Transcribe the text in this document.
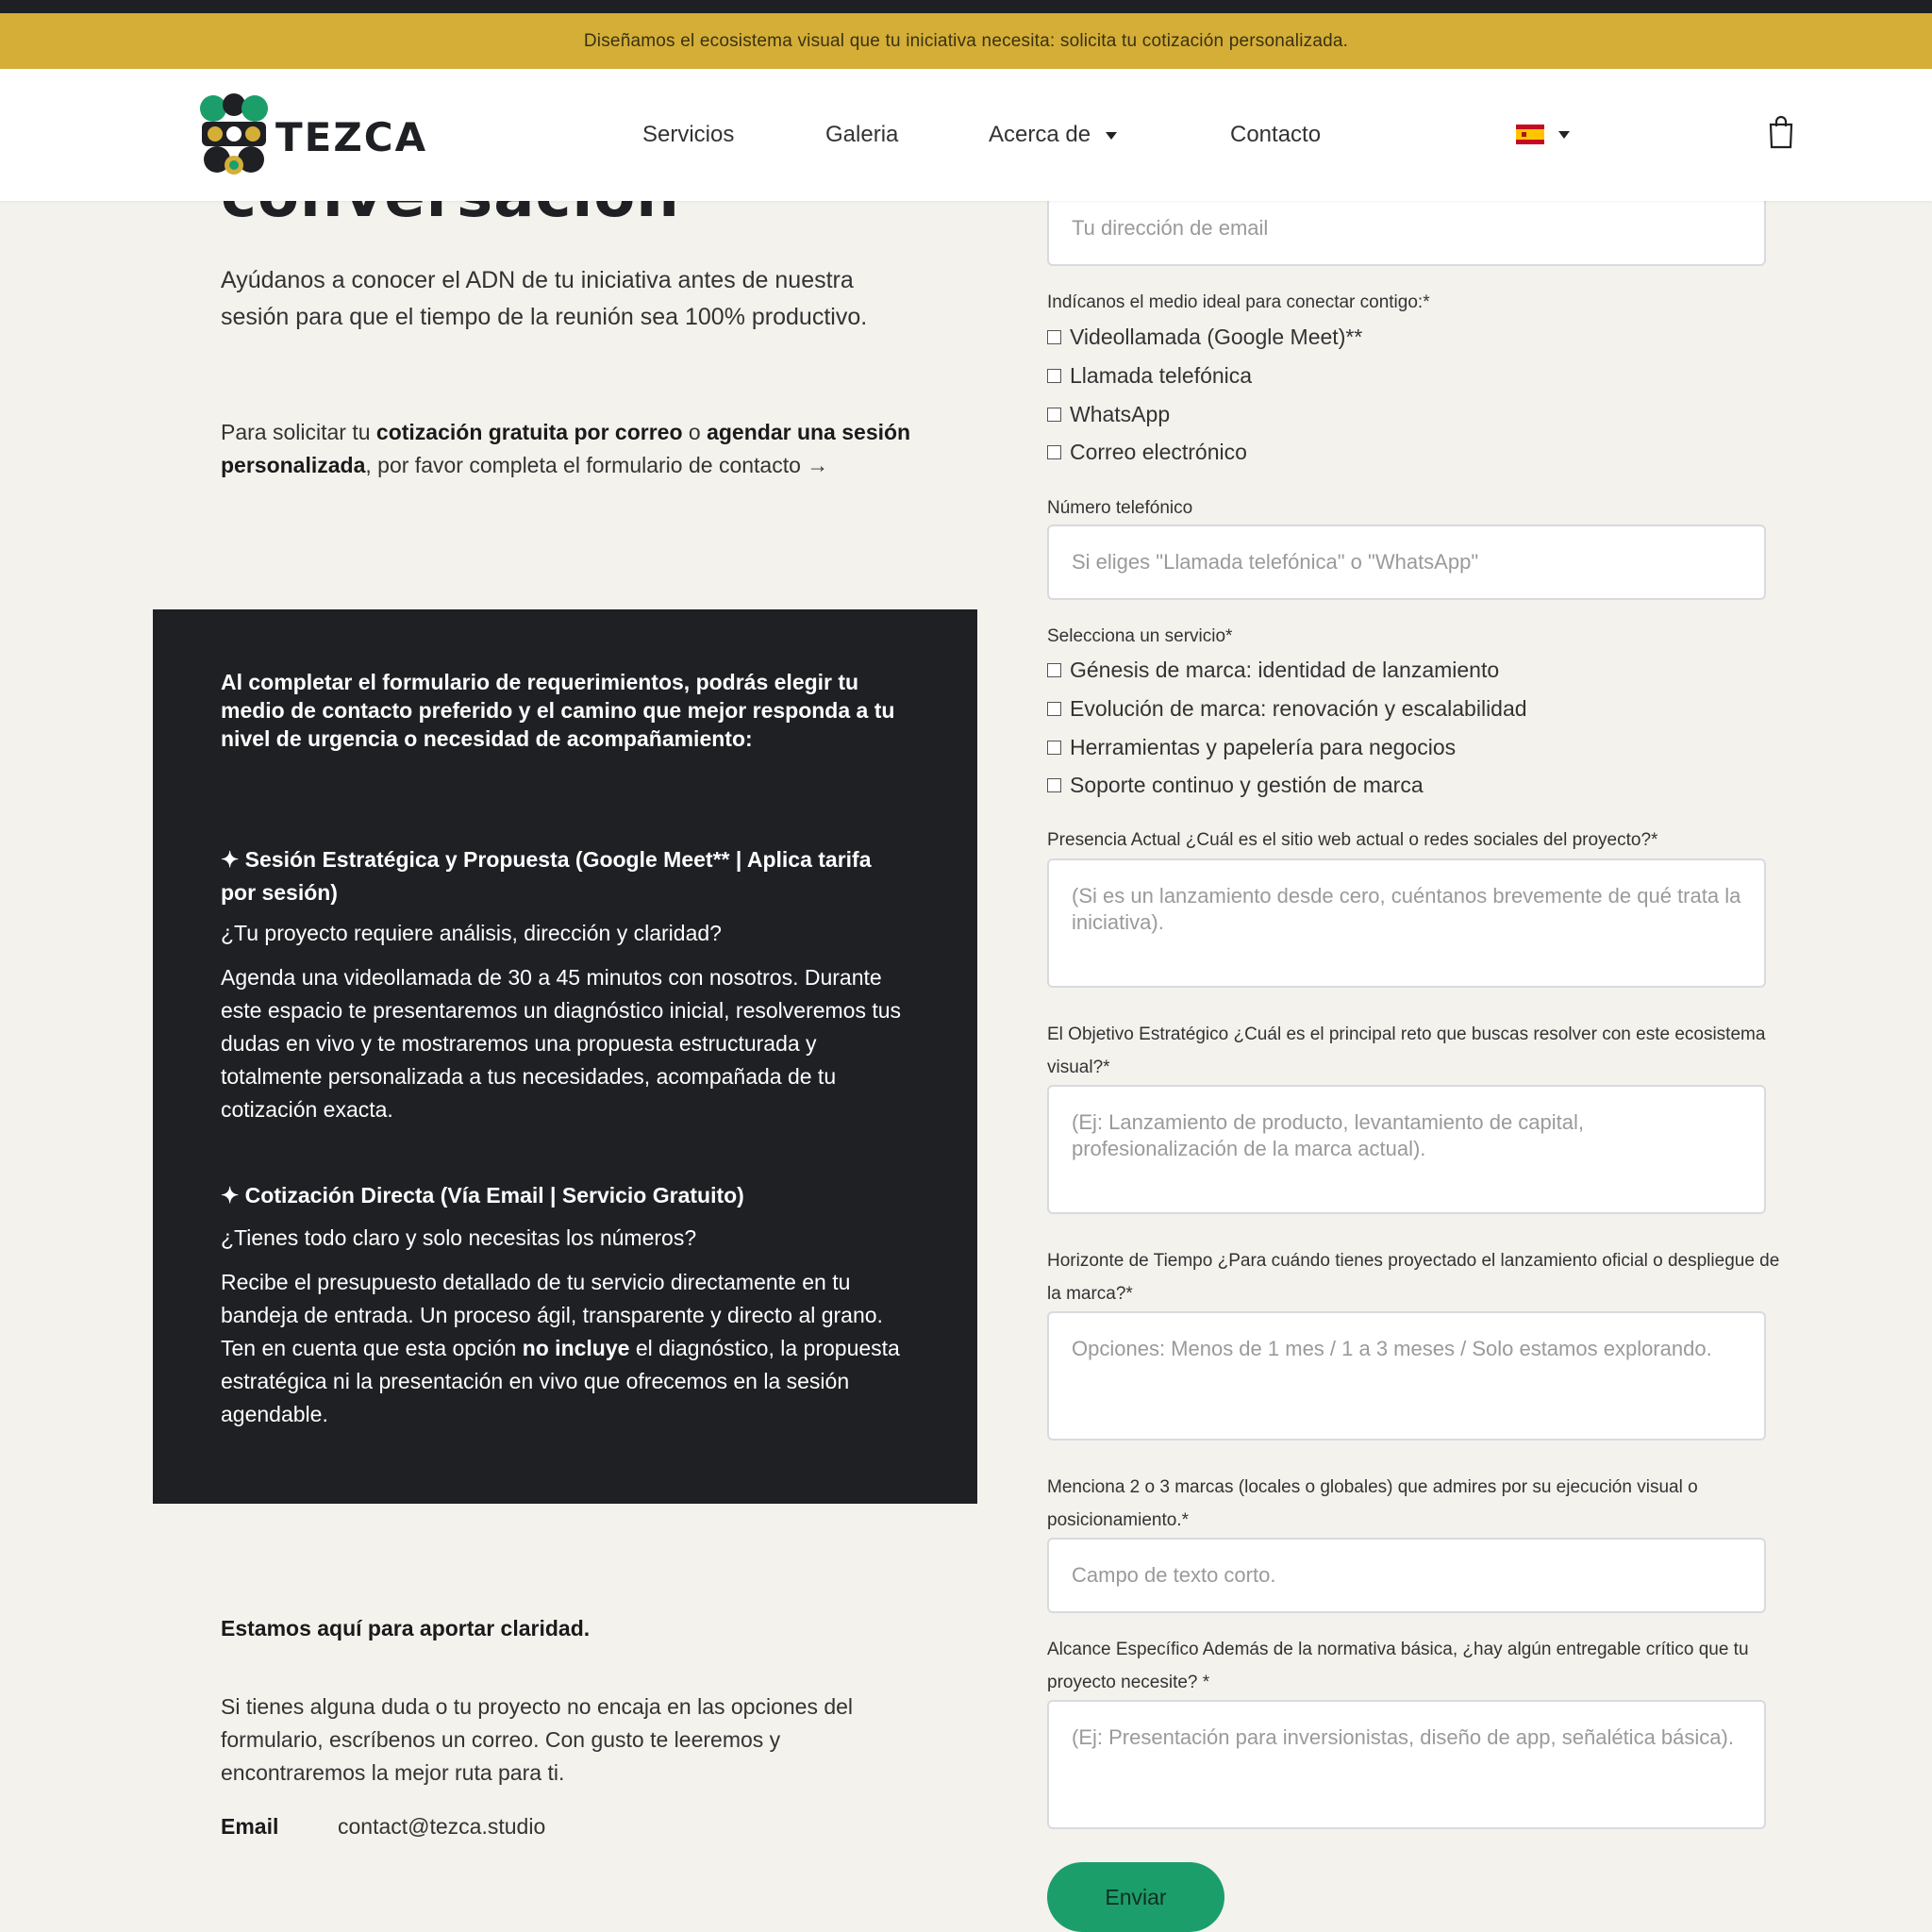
Diseñamos el ecosistema visual que tu iniciativa necesita: solicita tu cotización personalizada.
TEZCA	Servicios	Galeria	Acerca de	Contacto
Ayúdanos a conocer el ADN de tu iniciativa antes de nuestra sesión para que el tiempo de la reunión sea 100% productivo.
Para solicitar tu cotización gratuita por correo o agendar una sesión personalizada, por favor completa el formulario de contacto →
Al completar el formulario de requerimientos, podrás elegir tu medio de contacto preferido y el camino que mejor responda a tu nivel de urgencia o necesidad de acompañamiento:
✦ Sesión Estratégica y Propuesta (Google Meet** | Aplica tarifa por sesión)
¿Tu proyecto requiere análisis, dirección y claridad?
Agenda una videollamada de 30 a 45 minutos con nosotros. Durante este espacio te presentaremos un diagnóstico inicial, resolveremos tus dudas en vivo y te mostraremos una propuesta estructurada y totalmente personalizada a tus necesidades, acompañada de tu cotización exacta.
✦ Cotización Directa (Vía Email | Servicio Gratuito)
¿Tienes todo claro y solo necesitas los números?
Recibe el presupuesto detallado de tu servicio directamente en tu bandeja de entrada. Un proceso ágil, transparente y directo al grano. Ten en cuenta que esta opción no incluye el diagnóstico, la propuesta estratégica ni la presentación en vivo que ofrecemos en la sesión agendable.
Estamos aquí para aportar claridad.
Si tienes alguna duda o tu proyecto no encaja en las opciones del formulario, escríbenos un correo. Con gusto te leeremos y encontraremos la mejor ruta para ti.
Email	contact@tezca.studio
Tu dirección de email
Indícanos el medio ideal para conectar contigo:*
Videollamada (Google Meet)**
Llamada telefónica
WhatsApp
Correo electrónico
Número telefónico
Si eliges "Llamada telefónica" o "WhatsApp"
Selecciona un servicio*
Génesis de marca: identidad de lanzamiento
Evolución de marca: renovación y escalabilidad
Herramientas y papelería para negocios
Soporte continuo y gestión de marca
Presencia Actual ¿Cuál es el sitio web actual o redes sociales del proyecto?*
(Si es un lanzamiento desde cero, cuéntanos brevemente de qué trata la iniciativa).
El Objetivo Estratégico ¿Cuál es el principal reto que buscas resolver con este ecosistema visual?*
(Ej: Lanzamiento de producto, levantamiento de capital, profesionalización de la marca actual).
Horizonte de Tiempo ¿Para cuándo tienes proyectado el lanzamiento oficial o despliegue de la marca?*
Opciones: Menos de 1 mes / 1 a 3 meses / Solo estamos explorando.
Menciona 2 o 3 marcas (locales o globales) que admires por su ejecución visual o posicionamiento.*
Campo de texto corto.
Alcance Específico Además de la normativa básica, ¿hay algún entregable crítico que tu proyecto necesite? *
(Ej: Presentación para inversionistas, diseño de app, señalética básica).
Enviar
